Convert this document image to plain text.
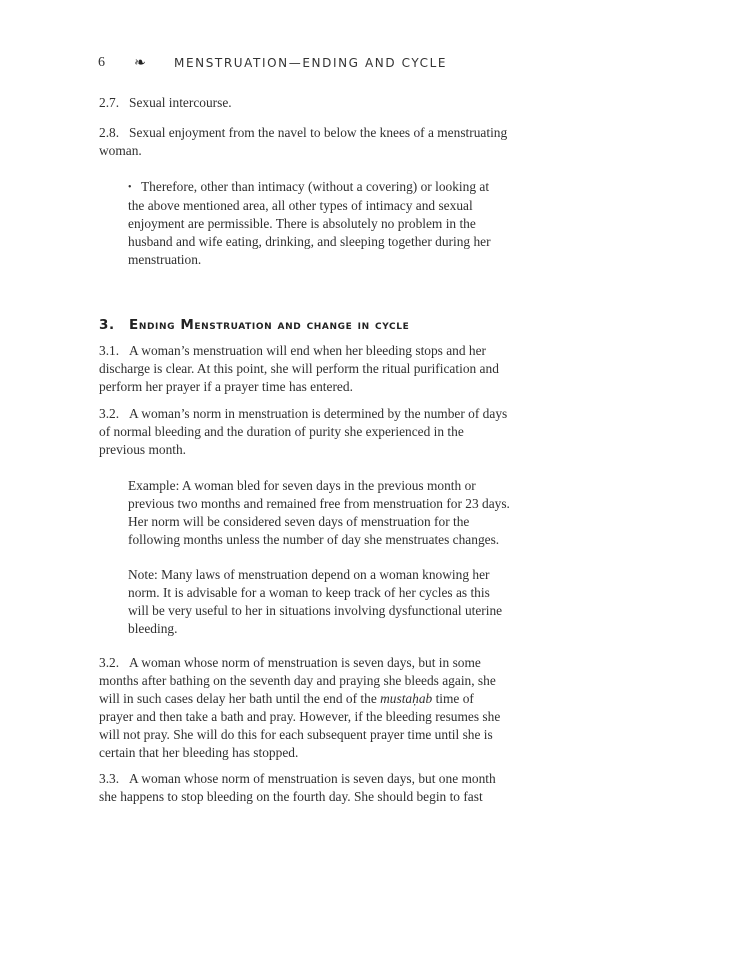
6	❧	MENSTRUATION—ENDING AND CYCLE

2.7. Sexual intercourse.

2.8. Sexual enjoyment from the navel to below the knees of a menstruating woman.

• Therefore, other than intimacy (without a covering) or looking at the above mentioned area, all other types of intimacy and sexual enjoyment are permissible. There is absolutely no problem in the husband and wife eating, drinking, and sleeping together during her menstruation.

3. Ending Menstruation and change in cycle

3.1. A woman’s menstruation will end when her bleeding stops and her discharge is clear. At this point, she will perform the ritual purification and perform her prayer if a prayer time has entered.

3.2. A woman’s norm in menstruation is determined by the number of days of normal bleeding and the duration of purity she experienced in the previous month.

Example: A woman bled for seven days in the previous month or previous two months and remained free from menstruation for 23 days. Her norm will be considered seven days of menstruation for the following months unless the number of day she menstruates changes.

Note: Many laws of menstruation depend on a woman knowing her norm. It is advisable for a woman to keep track of her cycles as this will be very useful to her in situations involving dysfunctional uterine bleeding.

3.2. A woman whose norm of menstruation is seven days, but in some months after bathing on the seventh day and praying she bleeds again, she will in such cases delay her bath until the end of the mustaḥab time of prayer and then take a bath and pray. However, if the bleeding resumes she will not pray. She will do this for each subsequent prayer time until she is certain that her bleeding has stopped.

3.3. A woman whose norm of menstruation is seven days, but one month she happens to stop bleeding on the fourth day. She should begin to fast
